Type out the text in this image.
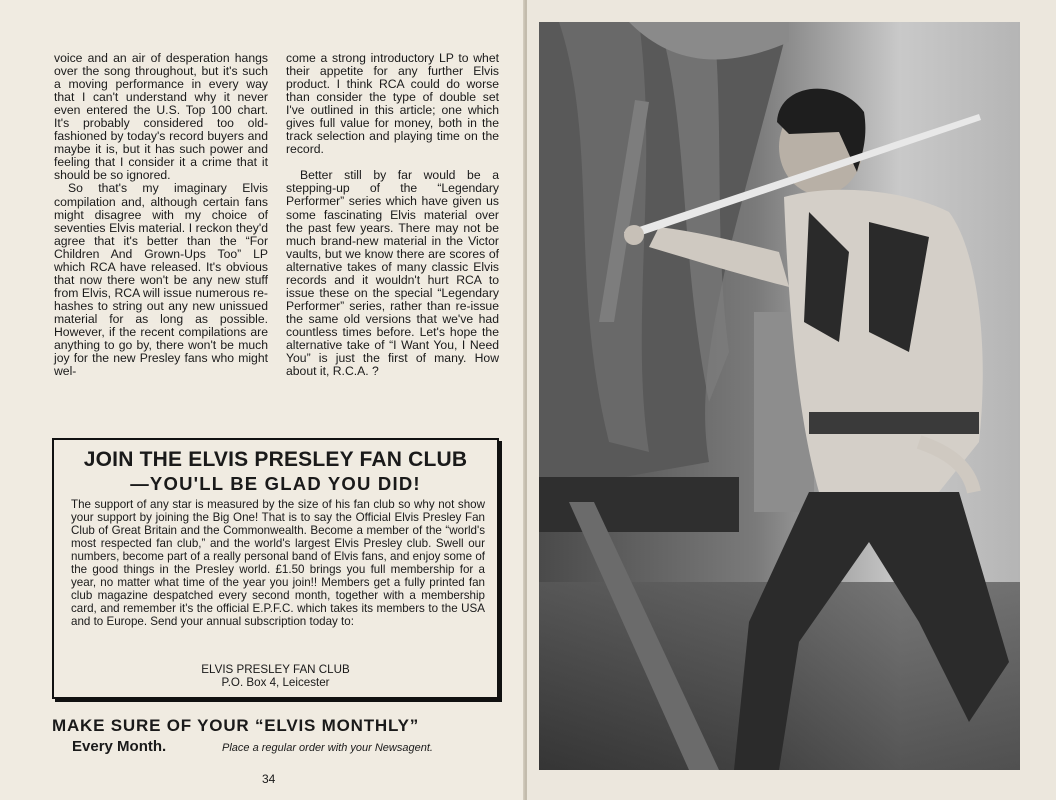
voice and an air of desperation hangs over the song throughout, but it's such a moving performance in every way that I can't understand why it never even entered the U.S. Top 100 chart. It's probably considered too old-fashioned by today's record buyers and maybe it is, but it has such power and feeling that I consider it a crime that it should be so ignored.

So that's my imaginary Elvis compilation and, although certain fans might disagree with my choice of seventies Elvis material. I reckon they'd agree that it's better than the “For Children And Grown-Ups Too” LP which RCA have released. It's obvious that now there won't be any new stuff from Elvis, RCA will issue numerous re-hashes to string out any new unissued material for as long as possible. However, if the recent compilations are anything to go by, there won't be much joy for the new Presley fans who might wel-

come a strong introductory LP to whet their appetite for any further Elvis product. I think RCA could do worse than consider the type of double set I've outlined in this article; one which gives full value for money, both in the track selection and playing time on the record.

Better still by far would be a stepping-up of the “Legendary Performer” series which have given us some fascinating Elvis material over the past few years. There may not be much brand-new material in the Victor vaults, but we know there are scores of alternative takes of many classic Elvis records and it wouldn't hurt RCA to issue these on the special “Legendary Performer” series, rather than re-issue the same old versions that we've had countless times before. Let's hope the alternative take of “I Want You, I Need You” is just the first of many. How about it, R.C.A. ?

JOIN THE ELVIS PRESLEY FAN CLUB
—YOU'LL BE GLAD YOU DID!
The support of any star is measured by the size of his fan club so why not show your support by joining the Big One! That is to say the Official Elvis Presley Fan Club of Great Britain and the Commonwealth. Become a member of the “world's most respected fan club,” and the world's largest Elvis Presley club. Swell our numbers, become part of a really personal band of Elvis fans, and enjoy some of the good things in the Presley world. £1.50 brings you full membership for a year, no matter what time of the year you join!! Members get a fully printed fan club magazine despatched every second month, together with a membership card, and remember it's the official E.P.F.C. which takes its members to the USA and to Europe. Send your annual subscription today to:
ELVIS PRESLEY FAN CLUB
P.O. Box 4, Leicester
MAKE SURE OF YOUR “ELVIS MONTHLY”
Every Month.	Place a regular order with your Newsagent.
34
